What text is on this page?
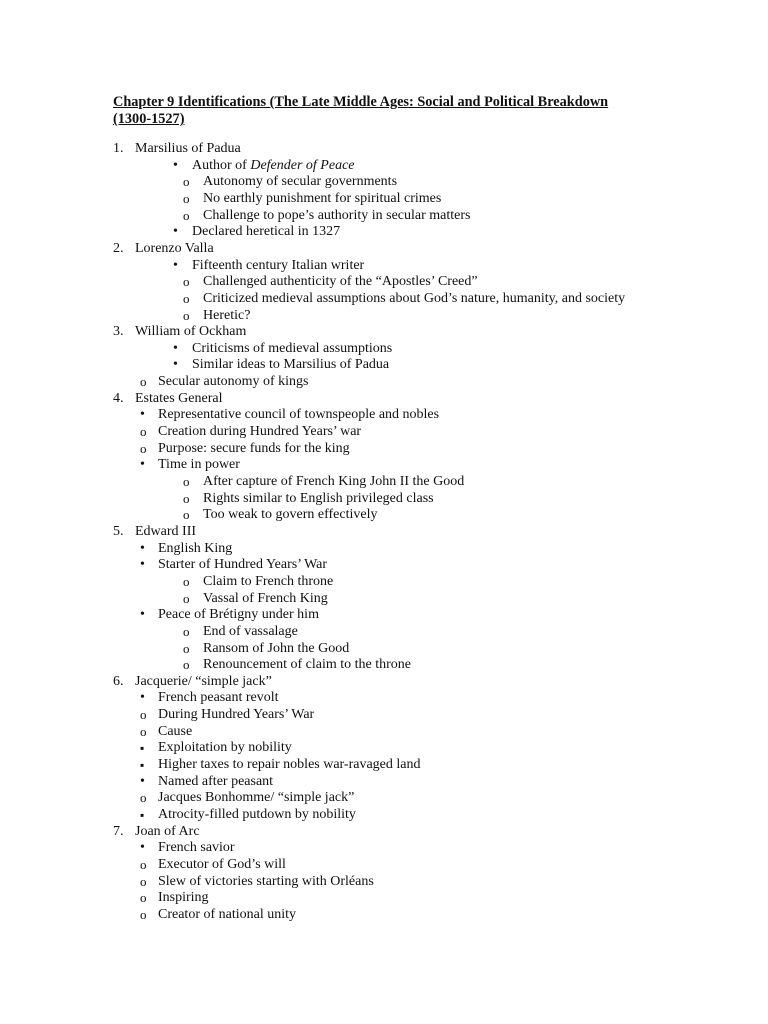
Chapter 9 Identifications (The Late Middle Ages: Social and Political Breakdown (1300-1527)
1. Marsilius of Padua
•
Author of Defender of Peace
o
Autonomy of secular governments
o
No earthly punishment for spiritual crimes
o
Challenge to pope’s authority in secular matters
•
Declared heretical in 1327
2. Lorenzo Valla
•
Fifteenth century Italian writer
o
Challenged authenticity of the “Apostles’ Creed”
o
Criticized medieval assumptions about God’s nature, humanity, and society
o
Heretic?
3. William of Ockham
•
Criticisms of medieval assumptions
•
Similar ideas to Marsilius of Padua
o
Secular autonomy of kings
4. Estates General
•
Representative council of townspeople and nobles
o
Creation during Hundred Years’ war
o
Purpose: secure funds for the king
•
Time in power
o
After capture of French King John II the Good
o
Rights similar to English privileged class
o
Too weak to govern effectively
5. Edward III
•
English King
•
Starter of Hundred Years’ War
o
Claim to French throne
o
Vassal of French King
•
Peace of Brétigny under him
o
End of vassalage
o
Ransom of John the Good
o
Renouncement of claim to the throne
6. Jacquerie/ “simple jack”
•
French peasant revolt
o
During Hundred Years’ War
o
Cause
▪
Exploitation by nobility
▪
Higher taxes to repair nobles war-ravaged land
•
Named after peasant
o
Jacques Bonhomme/ “simple jack”
▪
Atrocity-filled putdown by nobility
7. Joan of Arc
•
French savior
o
Executor of God’s will
o
Slew of victories starting with Orléans
o
Inspiring
o
Creator of national unity
